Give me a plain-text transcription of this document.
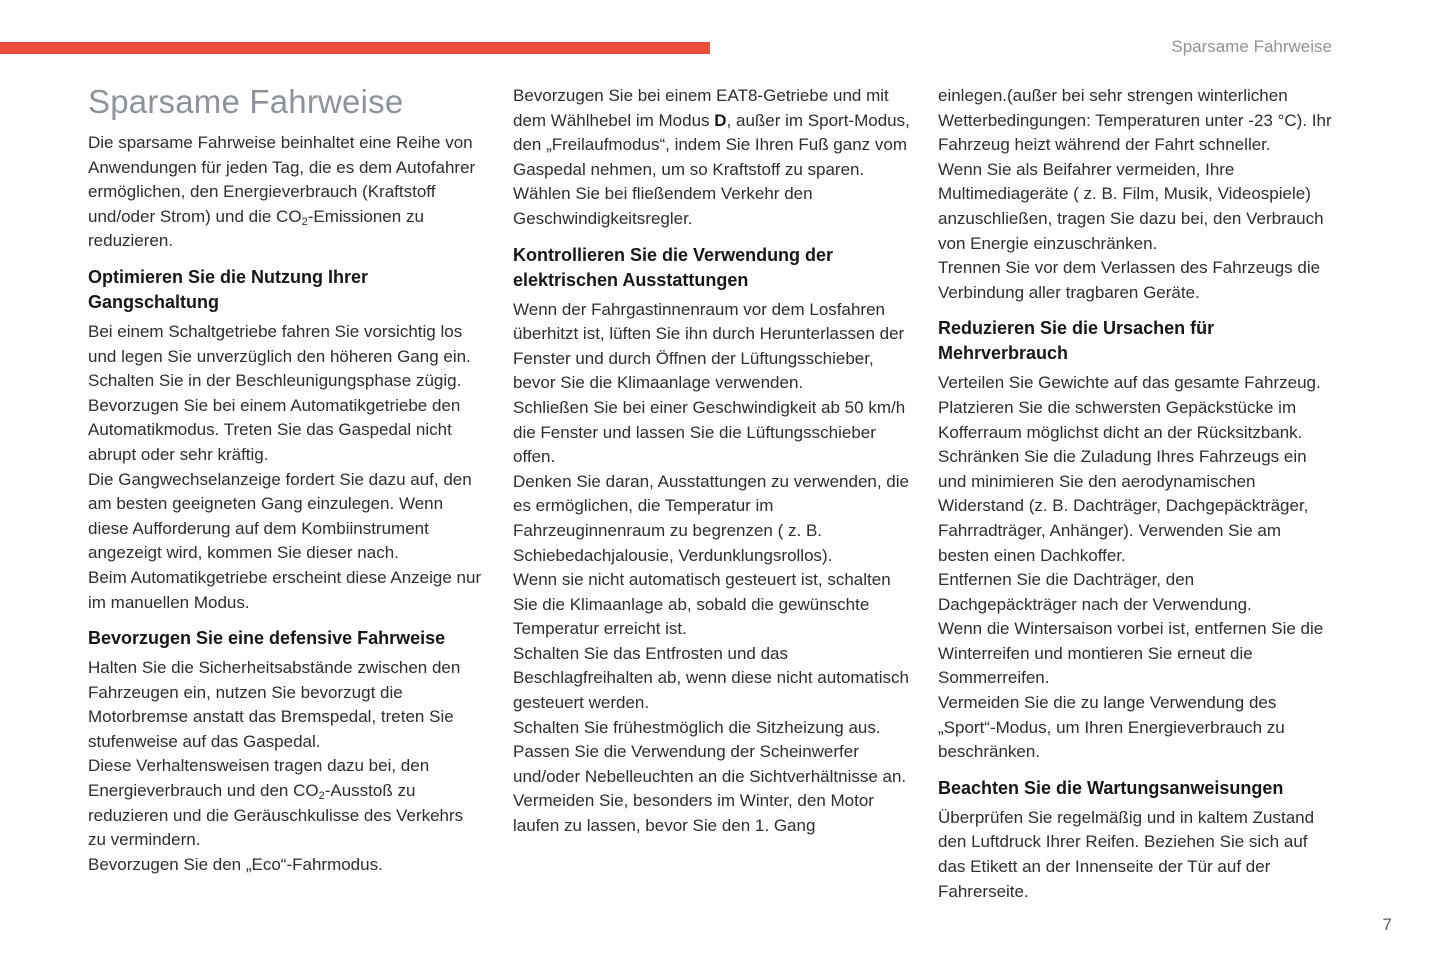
Sparsame Fahrweise
Sparsame Fahrweise

Die sparsame Fahrweise beinhaltet eine Reihe von Anwendungen für jeden Tag, die es dem Autofahrer ermöglichen, den Energieverbrauch (Kraftstoff und/oder Strom) und die $CO_2$-Emissionen zu reduzieren.

Optimieren Sie die Nutzung Ihrer Gangschaltung

Bei einem Schaltgetriebe fahren Sie vorsichtig los und legen Sie unverzüglich den höheren Gang ein. Schalten Sie in der Beschleunigungsphase zügig.
Bevorzugen Sie bei einem Automatikgetriebe den Automatikmodus. Treten Sie das Gaspedal nicht abrupt oder sehr kräftig.
Die Gangwechselanzeige fordert Sie dazu auf, den am besten geeigneten Gang einzulegen. Wenn diese Aufforderung auf dem Kombiinstrument angezeigt wird, kommen Sie dieser nach.
Beim Automatikgetriebe erscheint diese Anzeige nur im manuellen Modus.

Bevorzugen Sie eine defensive Fahrweise

Halten Sie die Sicherheitsabstände zwischen den Fahrzeugen ein, nutzen Sie bevorzugt die Motorbremse anstatt das Bremspedal, treten Sie stufenweise auf das Gaspedal.
Diese Verhaltensweisen tragen dazu bei, den Energieverbrauch und den $CO_2$-Ausstoß zu reduzieren und die Geräuschkulisse des Verkehrs zu vermindern.
Bevorzugen Sie den „Eco“-Fahrmodus.

Bevorzugen Sie bei einem EAT8-Getriebe und mit dem Wählhebel im Modus D, außer im Sport-Modus, den „Freilaufmodus“, indem Sie Ihren Fuß ganz vom Gaspedal nehmen, um so Kraftstoff zu sparen.
Wählen Sie bei fließendem Verkehr den Geschwindigkeitsregler.

Kontrollieren Sie die Verwendung der elektrischen Ausstattungen

Wenn der Fahrgastinnenraum vor dem Losfahren überhitzt ist, lüften Sie ihn durch Herunterlassen der Fenster und durch Öffnen der Lüftungsschieber, bevor Sie die Klimaanlage verwenden.
Schließen Sie bei einer Geschwindigkeit ab 50 km/h die Fenster und lassen Sie die Lüftungsschieber offen.
Denken Sie daran, Ausstattungen zu verwenden, die es ermöglichen, die Temperatur im Fahrzeuginnenraum zu begrenzen ( z. B. Schiebedachjalousie, Verdunklungsrollos).
Wenn sie nicht automatisch gesteuert ist, schalten Sie die Klimaanlage ab, sobald die gewünschte Temperatur erreicht ist.
Schalten Sie das Entfrosten und das Beschlagfreihalten ab, wenn diese nicht automatisch gesteuert werden.
Schalten Sie frühestmöglich die Sitzheizung aus.
Passen Sie die Verwendung der Scheinwerfer und/oder Nebelleuchten an die Sichtverhältnisse an.
Vermeiden Sie, besonders im Winter, den Motor laufen zu lassen, bevor Sie den 1. Gang

einlegen.(außer bei sehr strengen winterlichen Wetterbedingungen: Temperaturen unter -23 °C). Ihr Fahrzeug heizt während der Fahrt schneller.
Wenn Sie als Beifahrer vermeiden, Ihre Multimediageräte ( z. B. Film, Musik, Videospiele) anzuschließen, tragen Sie dazu bei, den Verbrauch von Energie einzuschränken.
Trennen Sie vor dem Verlassen des Fahrzeugs die Verbindung aller tragbaren Geräte.

Reduzieren Sie die Ursachen für Mehrverbrauch

Verteilen Sie Gewichte auf das gesamte Fahrzeug.
Platzieren Sie die schwersten Gepäckstücke im Kofferraum möglichst dicht an der Rücksitzbank.
Schränken Sie die Zuladung Ihres Fahrzeugs ein und minimieren Sie den aerodynamischen Widerstand (z. B. Dachträger, Dachgepäckträger, Fahrradträger, Anhänger). Verwenden Sie am besten einen Dachkoffer.
Entfernen Sie die Dachträger, den Dachgepäckträger nach der Verwendung.
Wenn die Wintersaison vorbei ist, entfernen Sie die Winterreifen und montieren Sie erneut die Sommerreifen.
Vermeiden Sie die zu lange Verwendung des „Sport“-Modus, um Ihren Energieverbrauch zu beschränken.

Beachten Sie die Wartungsanweisungen

Überprüfen Sie regelmäßig und in kaltem Zustand den Luftdruck Ihrer Reifen. Beziehen Sie sich auf das Etikett an der Innenseite der Tür auf der Fahrerseite.

7
